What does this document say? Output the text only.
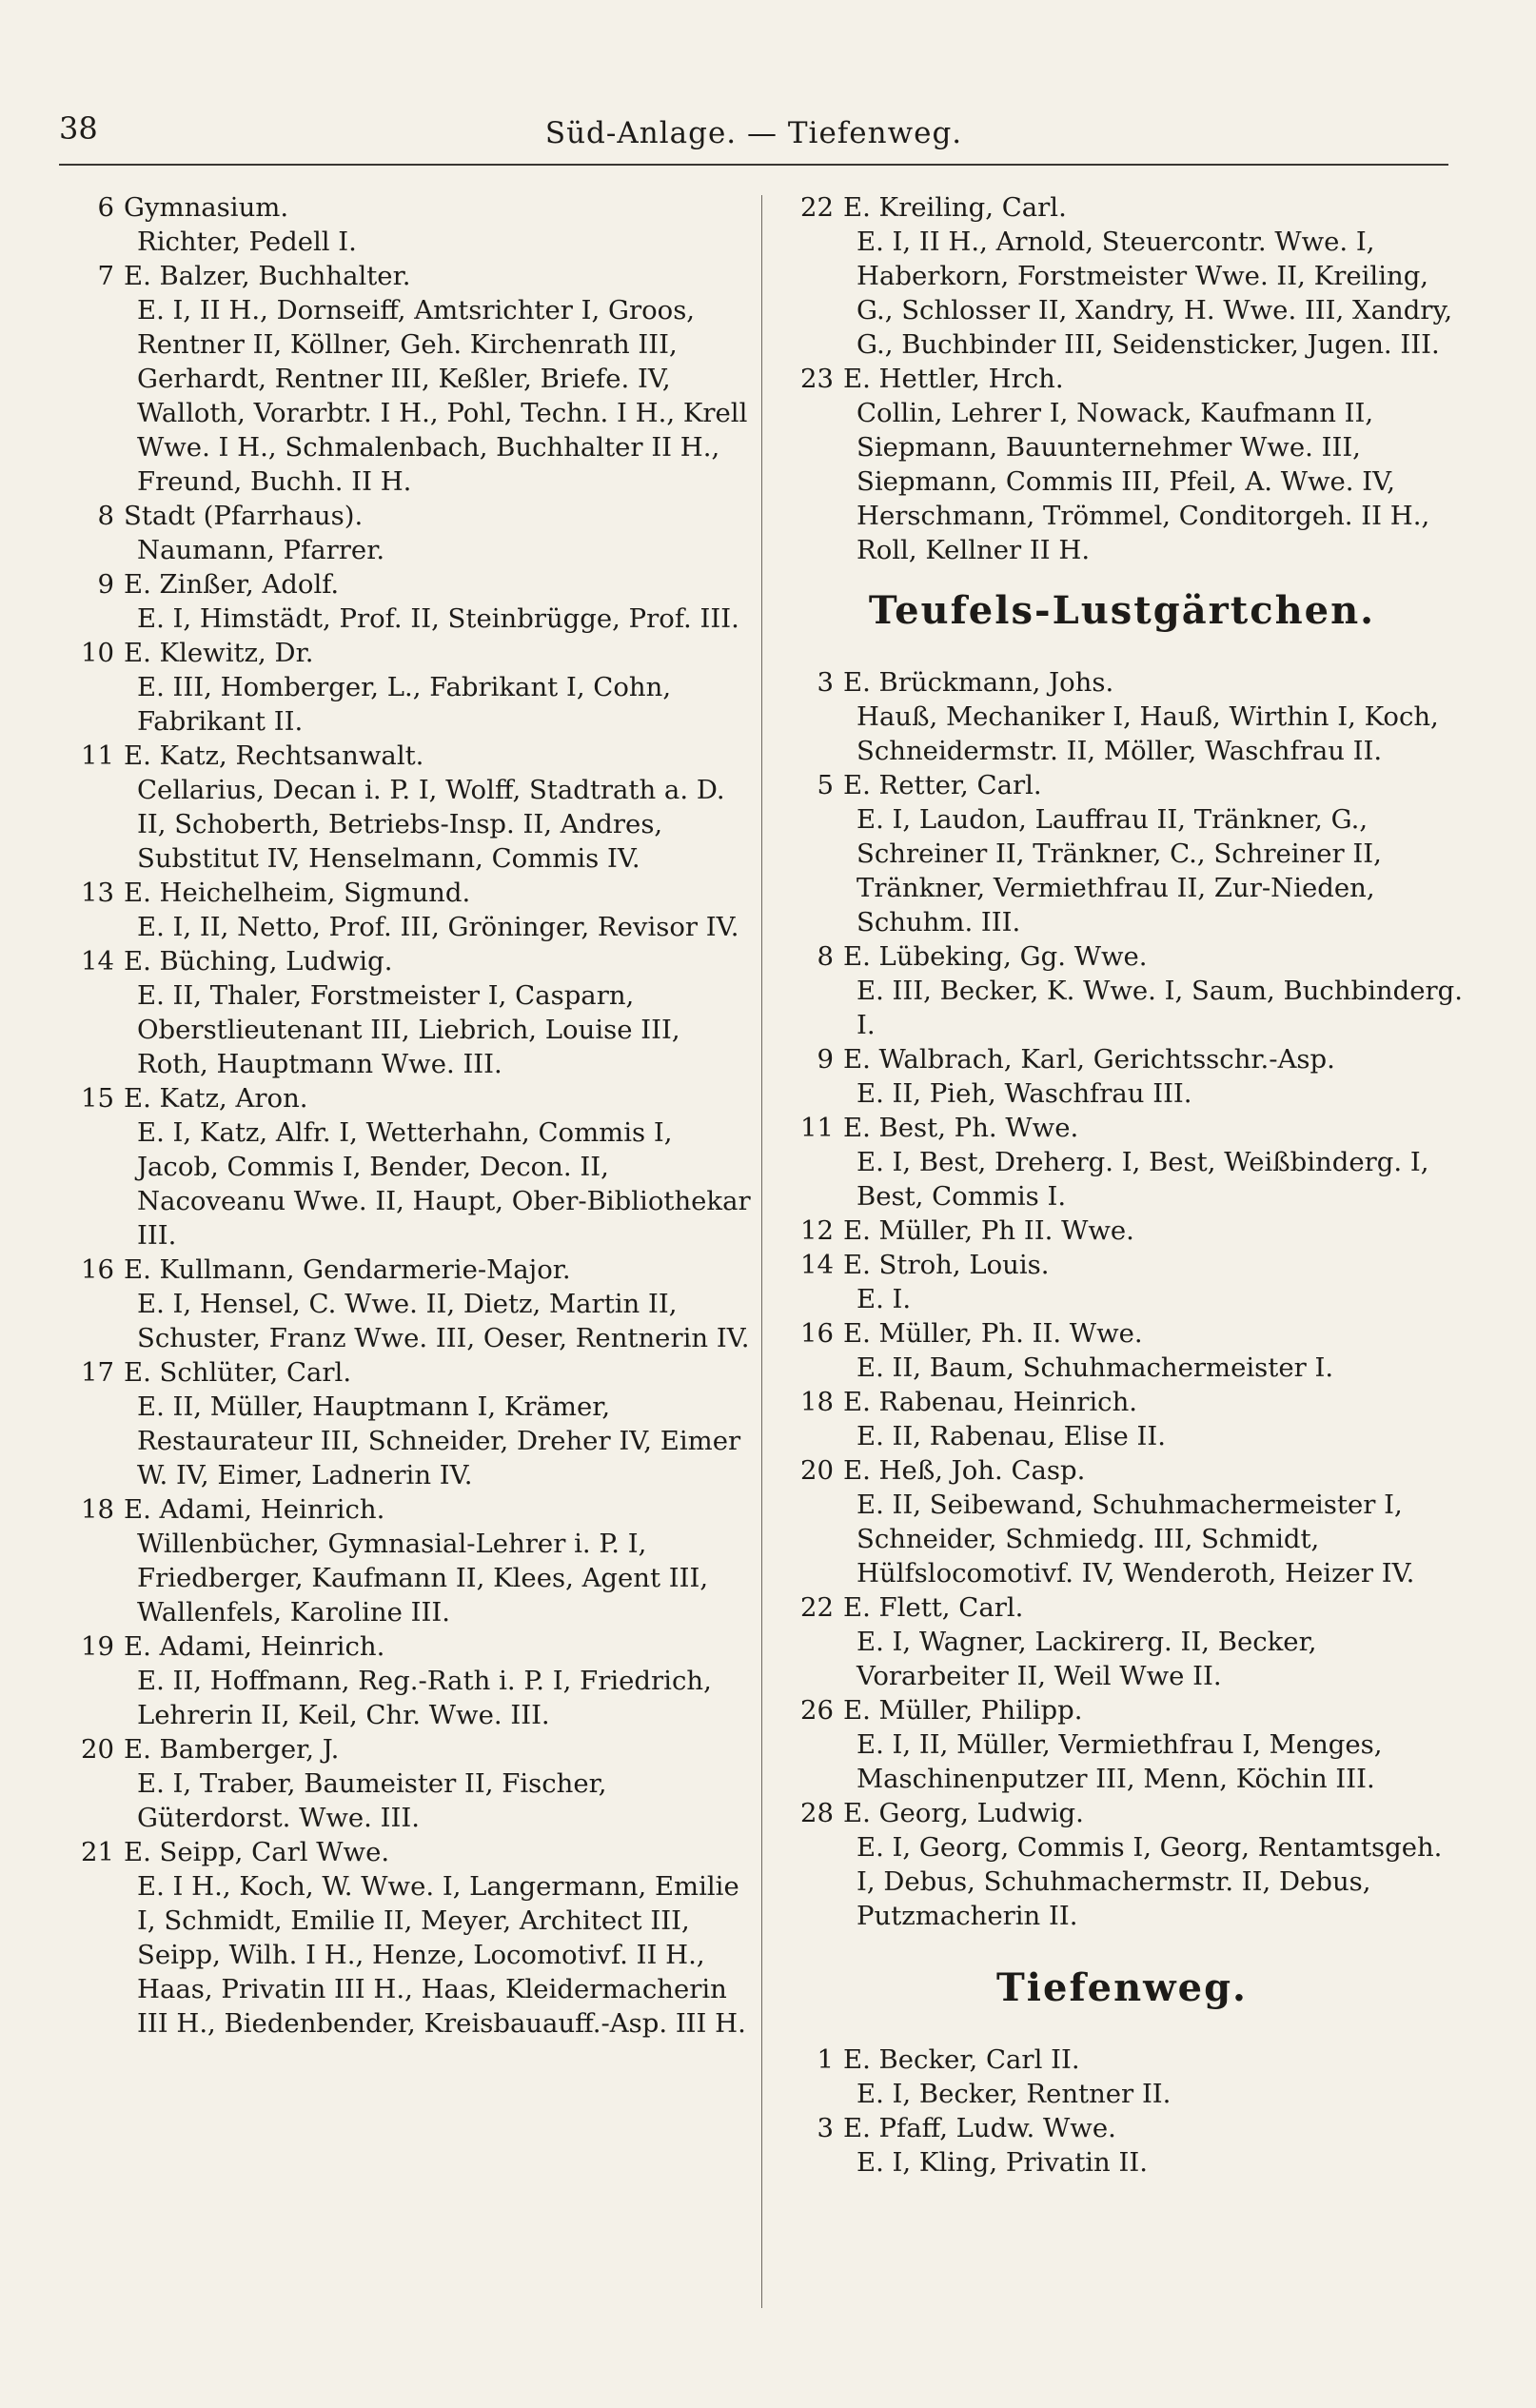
38	Süd-Anlage. — Tiefenweg.
6 Gymnasium.
Richter, Pedell I.
7 E. Balzer, Buchhalter.
E. I, II H., Dornseiff, Amtsrichter I, Groos, Rentner II, Köllner, Geh. Kirchenrath III, Gerhardt, Rentner III, Keßler, Briefe. IV, Walloth, Vorarbtr. I H., Pohl, Techn. I H., Krell Wwe. I H., Schmalenbach, Buchhalter II H., Freund, Buchh. II H.
8 Stadt (Pfarrhaus).
Naumann, Pfarrer.
9 E. Zinßer, Adolf.
E. I, Himstädt, Prof. II, Steinbrügge, Prof. III.
10 E. Klewitz, Dr.
E. III, Homberger, L., Fabrikant I, Cohn, Fabrikant II.
11 E. Katz, Rechtsanwalt.
Cellarius, Decan i. P. I, Wolff, Stadtrath a. D. II, Schoberth, Betriebs-Insp. II, Andres, Substitut IV, Henselmann, Commis IV.
13 E. Heichelheim, Sigmund.
E. I, II, Netto, Prof. III, Gröninger, Revisor IV.
14 E. Büching, Ludwig.
E. II, Thaler, Forstmeister I, Casparn, Oberstlieutenant III, Liebrich, Louise III, Roth, Hauptmann Wwe. III.
15 E. Katz, Aron.
E. I, Katz, Alfr. I, Wetterhahn, Commis I, Jacob, Commis I, Bender, Decon. II, Nacoveanu Wwe. II, Haupt, Ober-Bibliothekar III.
16 E. Kullmann, Gendarmerie-Major.
E. I, Hensel, C. Wwe. II, Dietz, Martin II, Schuster, Franz Wwe. III, Oeser, Rentnerin IV.
17 E. Schlüter, Carl.
E. II, Müller, Hauptmann I, Krämer, Restaurateur III, Schneider, Dreher IV, Eimer W. IV, Eimer, Ladnerin IV.
18 E. Adami, Heinrich.
Willenbücher, Gymnasial-Lehrer i. P. I, Friedberger, Kaufmann II, Klees, Agent III, Wallenfels, Karoline III.
19 E. Adami, Heinrich.
E. II, Hoffmann, Reg.-Rath i. P. I, Friedrich, Lehrerin II, Keil, Chr. Wwe. III.
20 E. Bamberger, J.
E. I, Traber, Baumeister II, Fischer, Güterdorst. Wwe. III.
21 E. Seipp, Carl Wwe.
E. I H., Koch, W. Wwe. I, Langermann, Emilie I, Schmidt, Emilie II, Meyer, Architect III, Seipp, Wilh. I H., Henze, Locomotivf. II H., Haas, Privatin III H., Haas, Kleidermacherin III H., Biedenbender, Kreisbauauff.-Asp. III H.
22 E. Kreiling, Carl.
E. I, II H., Arnold, Steuercontr. Wwe. I, Haberkorn, Forstmeister Wwe. II, Kreiling, G., Schlosser II, Xandry, H. Wwe. III, Xandry, G., Buchbinder III, Seidensticker, Jugen. III.
23 E. Hettler, Hrch.
Collin, Lehrer I, Nowack, Kaufmann II, Siepmann, Bauunternehmer Wwe. III, Siepmann, Commis III, Pfeil, A. Wwe. IV, Herschmann, Trömmel, Conditorgeh. II H., Roll, Kellner II H.
Teufels-Lustgärtchen.
3 E. Brückmann, Johs.
Hauß, Mechaniker I, Hauß, Wirthin I, Koch, Schneidermstr. II, Möller, Waschfrau II.
5 E. Retter, Carl.
E. I, Laudon, Lauffrau II, Tränkner, G., Schreiner II, Tränkner, C., Schreiner II, Tränkner, Vermiethfrau II, Zur-Nieden, Schuhm. III.
8 E. Lübeking, Gg. Wwe.
E. III, Becker, K. Wwe. I, Saum, Buchbinderg. I.
9 E. Walbrach, Karl, Gerichtsschr.-Asp.
E. II, Pieh, Waschfrau III.
11 E. Best, Ph. Wwe.
E. I, Best, Dreherg. I, Best, Weißbinderg. I, Best, Commis I.
12 E. Müller, Ph II. Wwe.
14 E. Stroh, Louis.
E. I.
16 E. Müller, Ph. II. Wwe.
E. II, Baum, Schuhmachermeister I.
18 E. Rabenau, Heinrich.
E. II, Rabenau, Elise II.
20 E. Heß, Joh. Casp.
E. II, Seibewand, Schuhmachermeister I, Schneider, Schmiedg. III, Schmidt, Hülfslocomotivf. IV, Wenderoth, Heizer IV.
22 E. Flett, Carl.
E. I, Wagner, Lackirerg. II, Becker, Vorarbeiter II, Weil Wwe II.
26 E. Müller, Philipp.
E. I, II, Müller, Vermiethfrau I, Menges, Maschinenputzer III, Menn, Köchin III.
28 E. Georg, Ludwig.
E. I, Georg, Commis I, Georg, Rentamtsgeh. I, Debus, Schuhmachermstr. II, Debus, Putzmacherin II.
Tiefenweg.
1 E. Becker, Carl II.
E. I, Becker, Rentner II.
3 E. Pfaff, Ludw. Wwe.
E. I, Kling, Privatin II.
